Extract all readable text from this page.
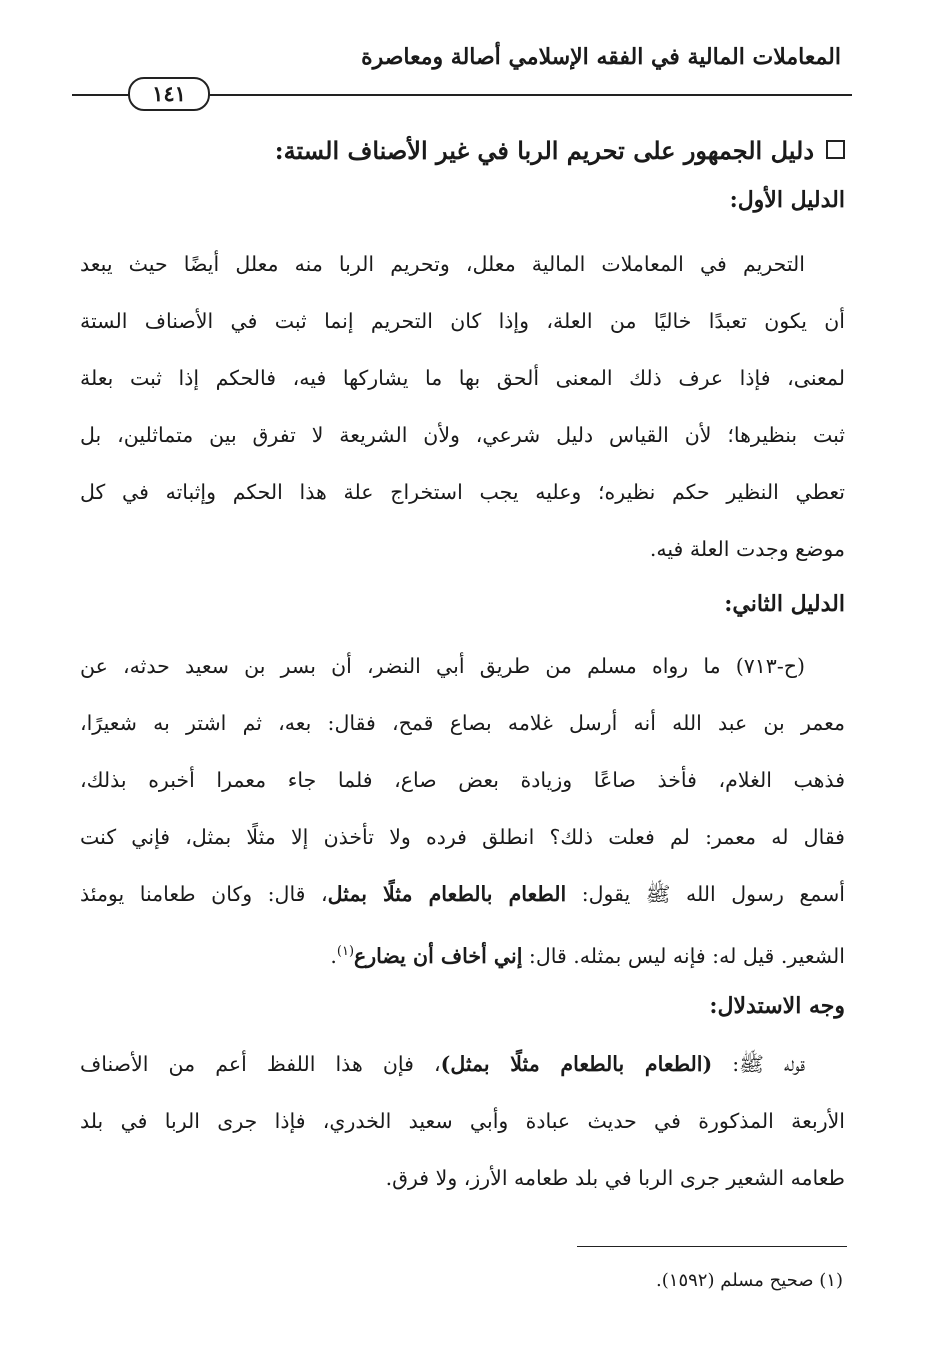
المعاملات المالية في الفقه الإسلامي أصالة ومعاصرة
١٤١
دليل الجمهور على تحريم الربا في غير الأصناف الستة:
الدليل الأول:
التحريم في المعاملات المالية معلل، وتحريم الربا منه معلل أيضًا حيث يبعد
أن يكون تعبدًا خاليًا من العلة، وإذا كان التحريم إنما ثبت في الأصناف الستة
لمعنى، فإذا عرف ذلك المعنى ألحق بها ما يشاركها فيه، فالحكم إذا ثبت بعلة
ثبت بنظيرها؛ لأن القياس دليل شرعي، ولأن الشريعة لا تفرق بين متماثلين، بل
تعطي النظير حكم نظيره؛ وعليه يجب استخراج علة هذا الحكم وإثباته في كل
موضع وجدت العلة فيه.
الدليل الثاني:
(ح-٧١٣) ما رواه مسلم من طريق أبي النضر، أن بسر بن سعيد حدثه، عن
معمر بن عبد الله أنه أرسل غلامه بصاع قمح، فقال: بعه، ثم اشتر به شعيرًا،
فذهب الغلام، فأخذ صاعًا وزيادة بعض صاع، فلما جاء معمرا أخبره بذلك،
فقال له معمر: لم فعلت ذلك؟ انطلق فرده ولا تأخذن إلا مثلًا بمثل، فإني كنت
أسمع رسول الله ﷺ يقول: الطعام بالطعام مثلًا بمثل، قال: وكان طعامنا يومئذ
الشعير. قيل له: فإنه ليس بمثله. قال: إني أخاف أن يضارع$^{(١)}$.
وجه الاستدلال:
قوله ﷺ: (الطعام بالطعام مثلًا بمثل)، فإن هذا اللفظ أعم من الأصناف
الأربعة المذكورة في حديث عبادة وأبي سعيد الخدري، فإذا جرى الربا في بلد
طعامه الشعير جرى الربا في بلد طعامه الأرز، ولا فرق.
(١) صحيح مسلم (١٥٩٢).
